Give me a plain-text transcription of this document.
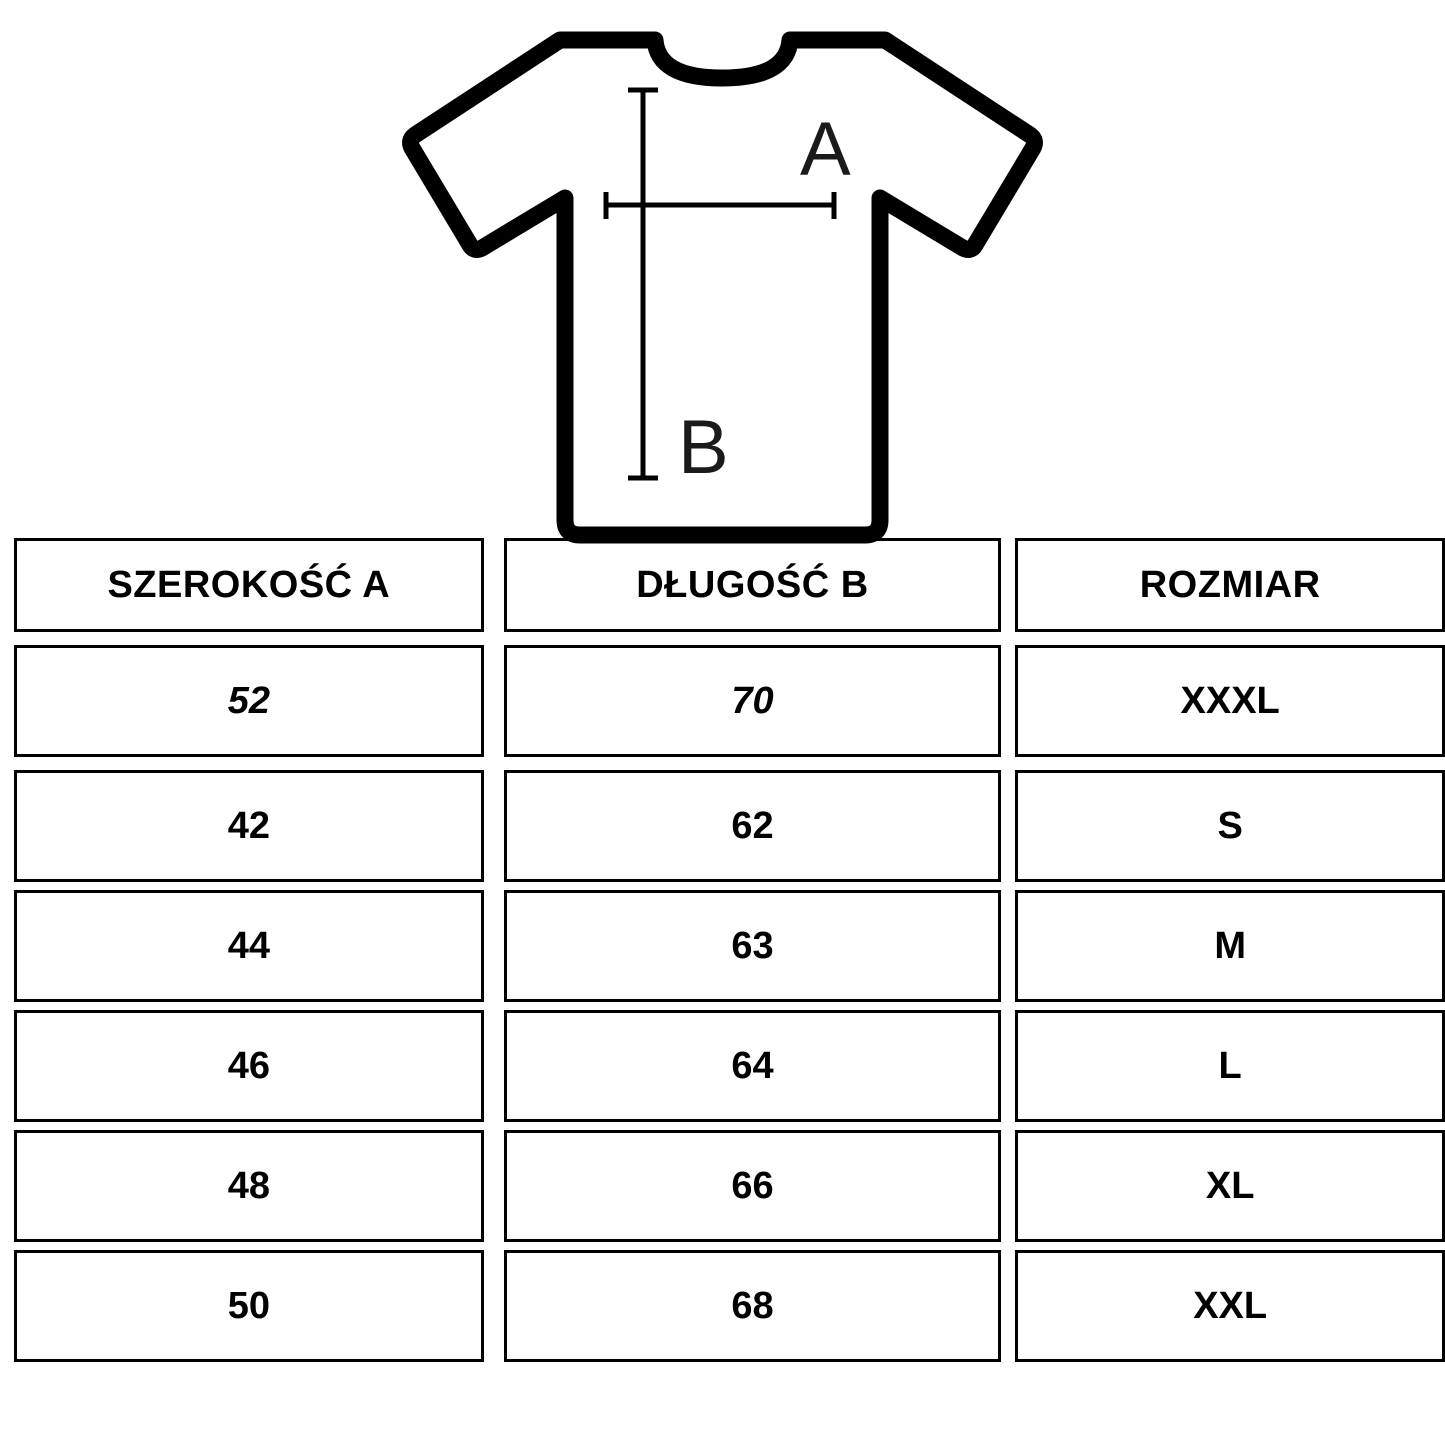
A
B
SZEROKOŚĆ A	DŁUGOŚĆ B	ROZMIAR
52	70	XXXL
42	62	S
44	63	M
46	64	L
48	66	XL
50	68	XXL
